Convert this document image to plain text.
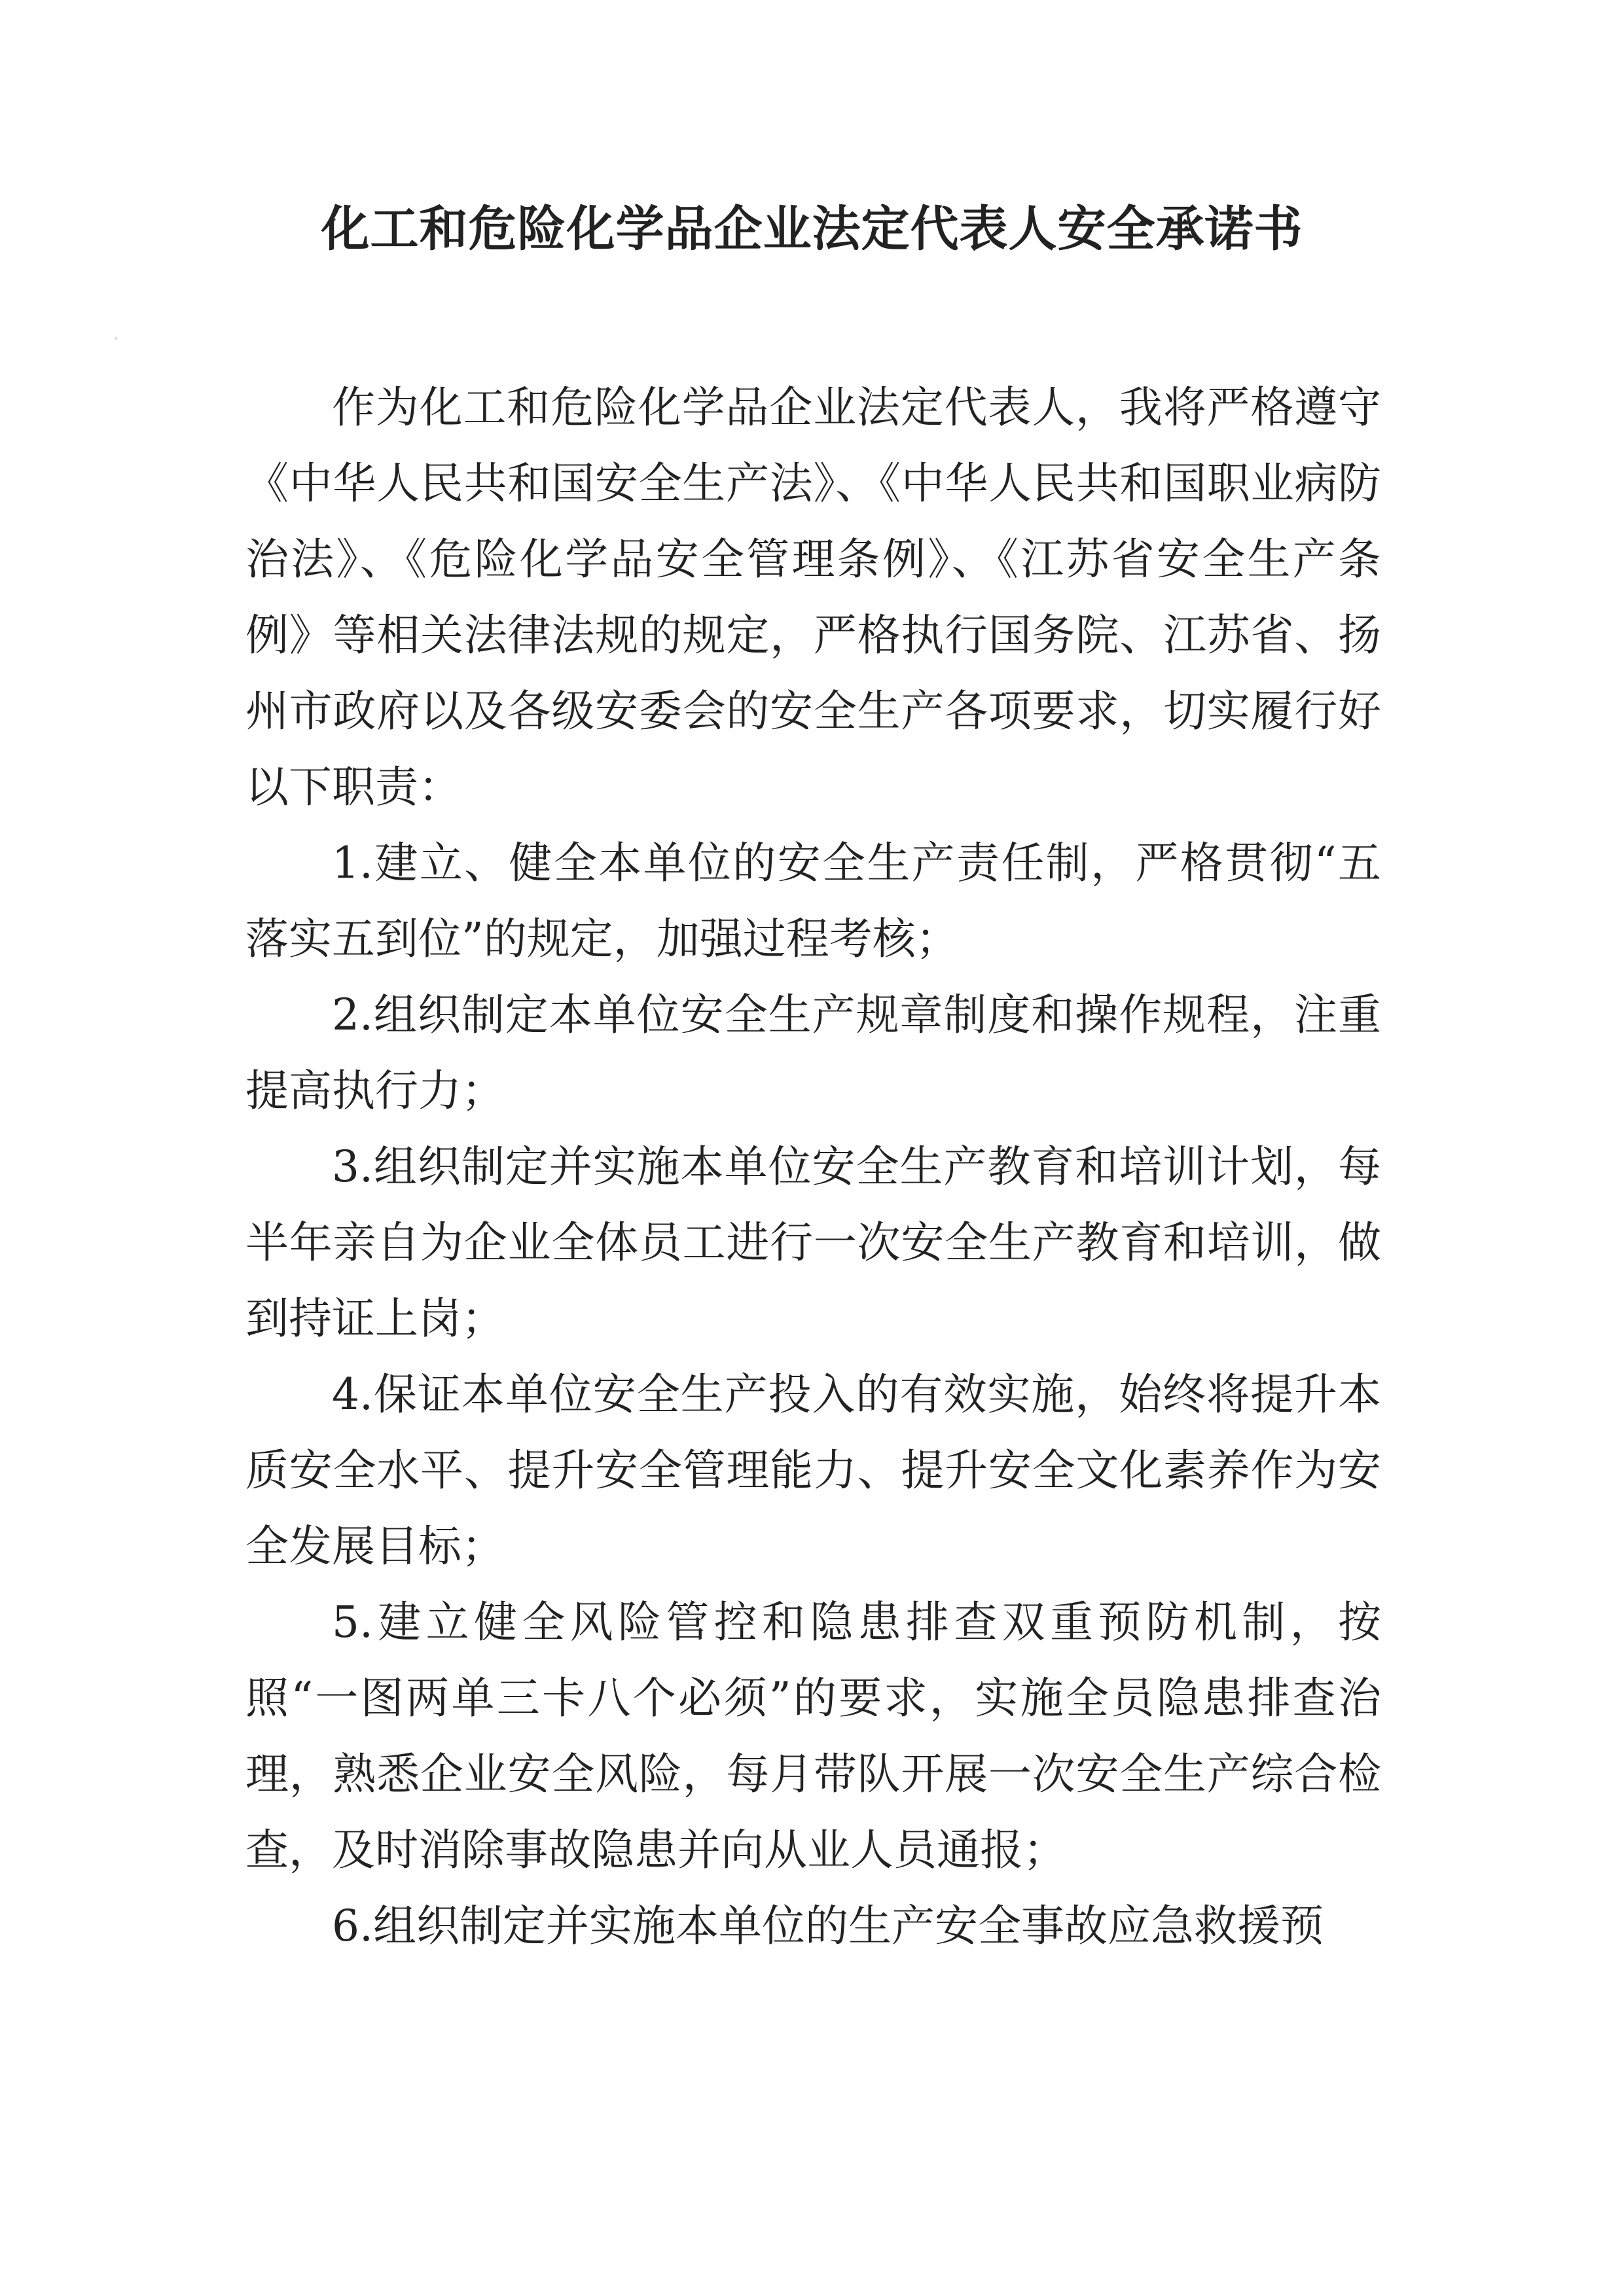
化工和危险化学品企业法定代表人安全承诺书

作为化工和危险化学品企业法定代表人，我将严格遵守《中华人民共和国安全生产法》、《中华人民共和国职业病防治法》、《危险化学品安全管理条例》、《江苏省安全生产条例》等相关法律法规的规定，严格执行国务院、江苏省、扬州市政府以及各级安委会的安全生产各项要求，切实履行好以下职责：

1.建立、健全本单位的安全生产责任制，严格贯彻“五落实五到位”的规定，加强过程考核；

2.组织制定本单位安全生产规章制度和操作规程，注重提高执行力；

3.组织制定并实施本单位安全生产教育和培训计划，每半年亲自为企业全体员工进行一次安全生产教育和培训，做到持证上岗；

4.保证本单位安全生产投入的有效实施，始终将提升本质安全水平、提升安全管理能力、提升安全文化素养作为安全发展目标；

5.建立健全风险管控和隐患排查双重预防机制，按照“一图两单三卡八个必须”的要求，实施全员隐患排查治理，熟悉企业安全风险，每月带队开展一次安全生产综合检查，及时消除事故隐患并向从业人员通报；

6.组织制定并实施本单位的生产安全事故应急救援预
